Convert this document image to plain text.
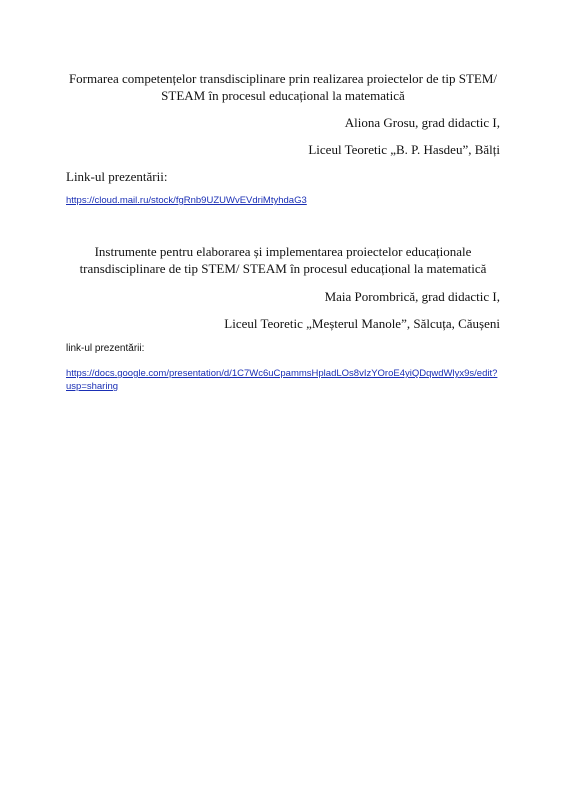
Formarea competențelor transdisciplinare prin realizarea proiectelor de tip STEM/ STEAM în procesul educațional la matematică
Aliona Grosu, grad didactic I,
Liceul Teoretic „B. P. Hasdeu”, Bălți
Link-ul prezentării:
https://cloud.mail.ru/stock/fgRnb9UZUWvEVdriMtyhdaG3
Instrumente pentru elaborarea și implementarea proiectelor educaționale transdisciplinare de tip STEM/ STEAM în procesul educațional la matematică
Maia Porombrică, grad didactic I,
Liceul Teoretic „Meșterul Manole”, Sălcuța, Căușeni
link-ul prezentării:
https://docs.google.com/presentation/d/1C7Wc6uCpammsHpladLOs8vIzYOroE4yiQDqwdWlyx9s/edit?usp=sharing
